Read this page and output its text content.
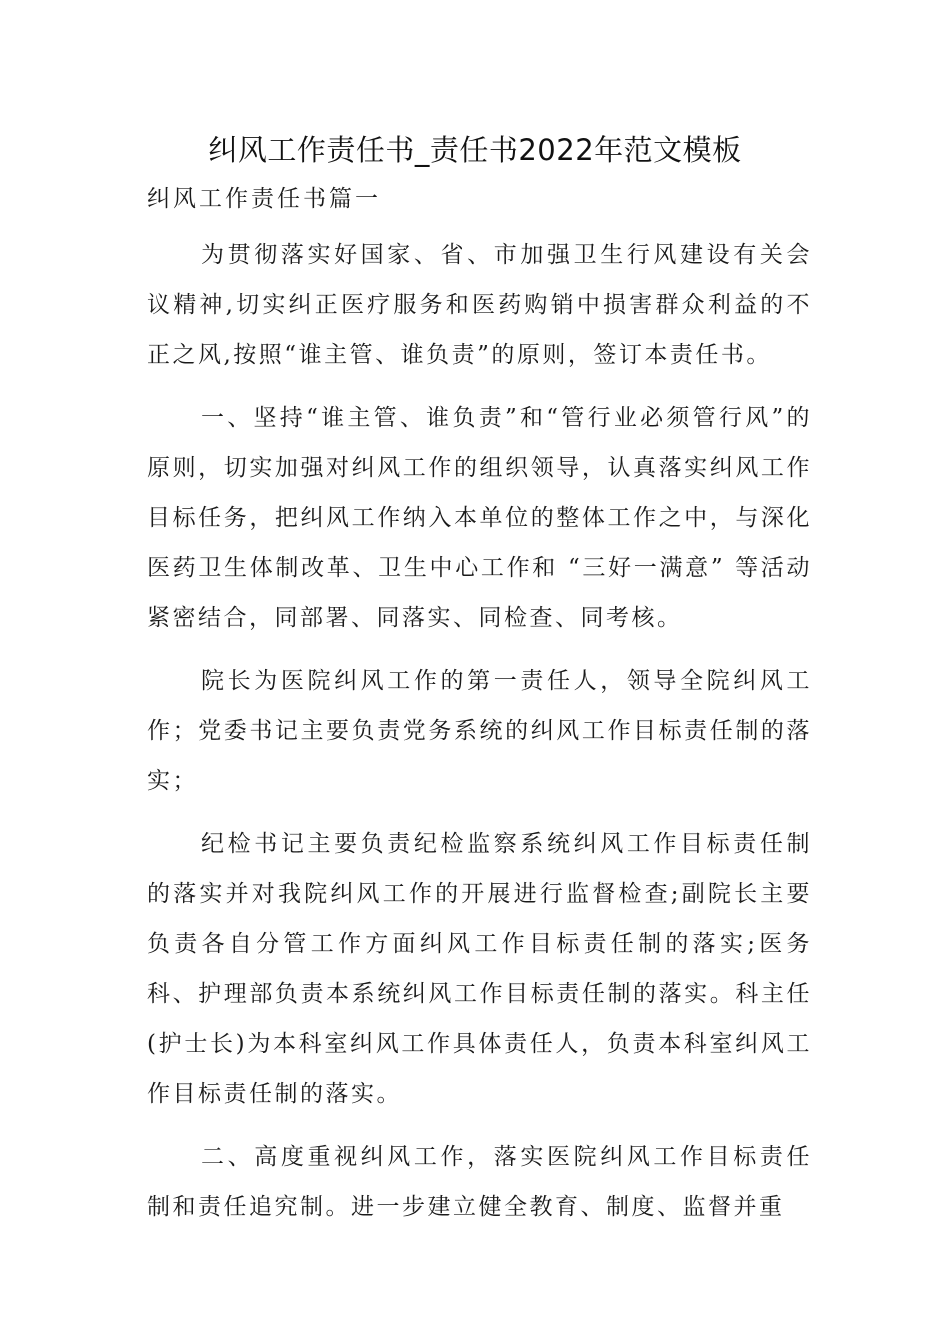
纠风工作责任书_责任书2022年范文模板

纠风工作责任书篇一

为贯彻落实好国家、省、市加强卫生行风建设有关会议精神,切实纠正医疗服务和医药购销中损害群众利益的不正之风,按照“谁主管、谁负责”的原则，签订本责任书。

一、坚持“谁主管、谁负责”和“管行业必须管行风”的原则，切实加强对纠风工作的组织领导，认真落实纠风工作目标任务，把纠风工作纳入本单位的整体工作之中，与深化医药卫生体制改革、卫生中心工作和 “三好一满意” 等活动紧密结合，同部署、同落实、同检查、同考核。

院长为医院纠风工作的第一责任人，领导全院纠风工作；党委书记主要负责党务系统的纠风工作目标责任制的落实；

纪检书记主要负责纪检监察系统纠风工作目标责任制的落实并对我院纠风工作的开展进行监督检查;副院长主要负责各自分管工作方面纠风工作目标责任制的落实;医务科、护理部负责本系统纠风工作目标责任制的落实。科主任(护士长)为本科室纠风工作具体责任人，负责本科室纠风工作目标责任制的落实。

二、高度重视纠风工作，落实医院纠风工作目标责任制和责任追究制。进一步建立健全教育、制度、监督并重
